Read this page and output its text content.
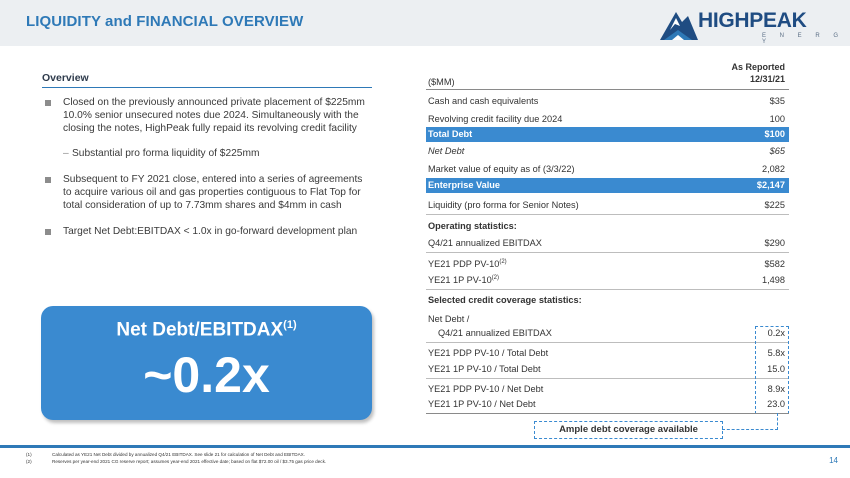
LIQUIDITY and FINANCIAL OVERVIEW	HIGHPEAK
E N E R G Y
Overview
Closed on the previously announced private placement of $225mm 10.0% senior unsecured notes due 2024. Simultaneously with the closing the notes, HighPeak fully repaid its revolving credit facility
– Substantial pro forma liquidity of $225mm
Subsequent to FY 2021 close, entered into a series of agreements to acquire various oil and gas properties contiguous to Flat Top for total consideration of up to 7.73mm shares and $4mm in cash
Target Net Debt:EBITDAX < 1.0x in go-forward development plan
Net Debt/EBITDAX$^{(1)}$
~0.2x
($MM)
As Reported
12/31/21
Cash and cash equivalents	$35
Revolving credit facility due 2024	100
Total Debt	$100
Net Debt	$65
Market value of equity as of (3/3/22)	2,082
Enterprise Value	$2,147
Liquidity (pro forma for Senior Notes)	$225
Operating statistics:
Q4/21 annualized EBITDAX	$290
YE21 PDP PV-10$^{(2)}$	$582
YE21 1P PV-10$^{(2)}$	1,498
Selected credit coverage statistics:
Net Debt /
Q4/21 annualized EBITDAX	0.2x
YE21 PDP PV-10 / Total Debt	5.8x
YE21 1P PV-10 / Total Debt	15.0
YE21 PDP PV-10 / Net Debt	8.9x
YE21 1P PV-10 / Net Debt	23.0
Ample debt coverage available
(1)	Calculated as YE21 Net Debt divided by annualized Q4/21 EBITDAX. See slide 21 for calculation of Net Debt and EBITDAX.
(2)	Reserves per year-end 2021 CG reserve report; assumes year-end 2021 effective date; based on flat $72.00 oil / $3.75 gas price deck.	14
